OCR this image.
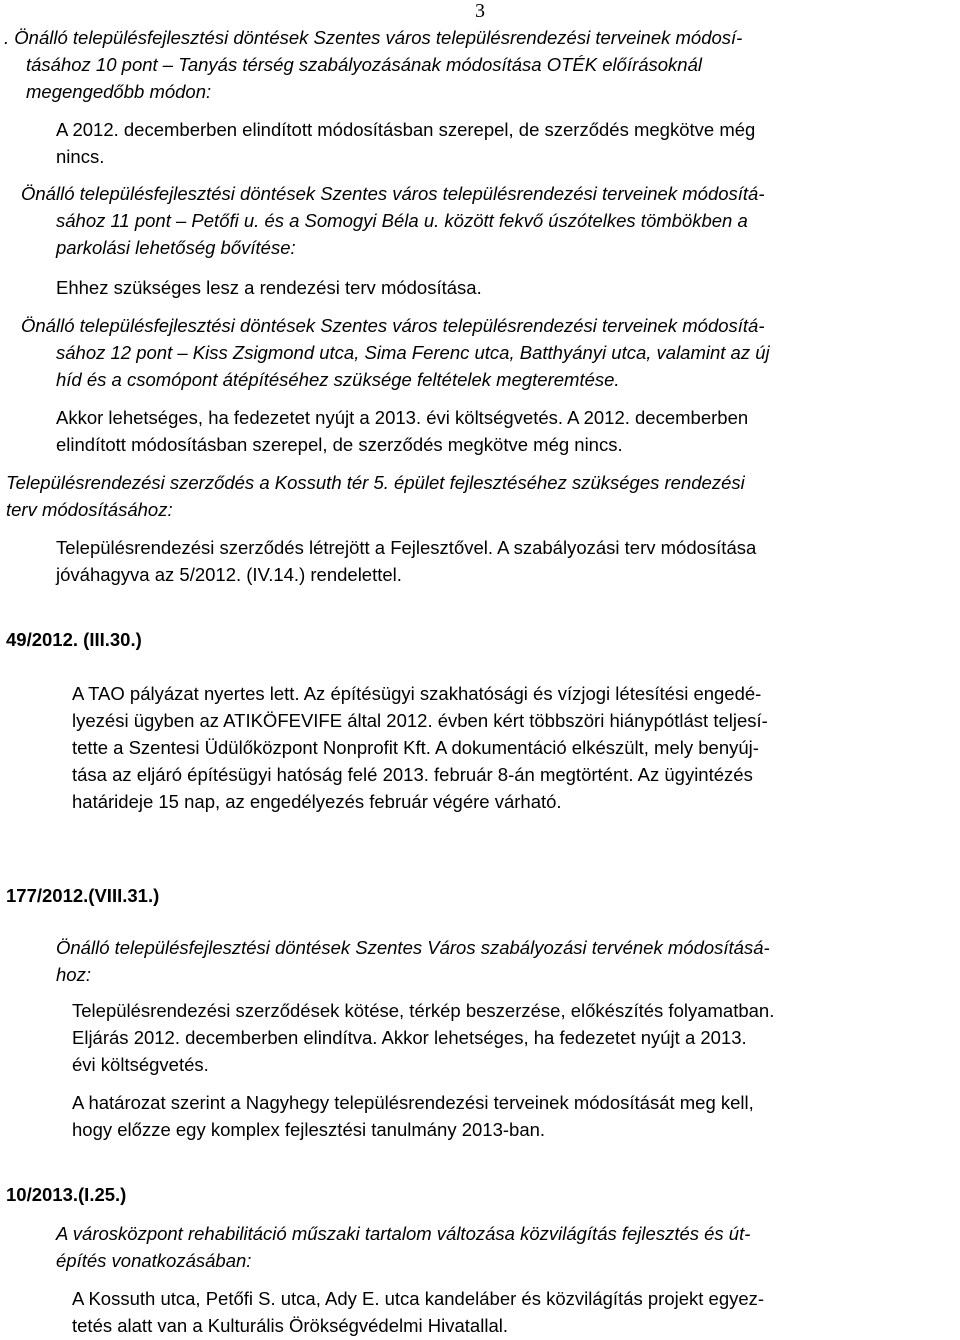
3

. Önálló településfejlesztési döntések Szentes város településrendezési terveinek módosí-

tásához 10 pont – Tanyás térség szabályozásának módosítása OTÉK előírásoknál

megengedőbb módon:

A 2012. decemberben elindított módosításban szerepel, de szerződés megkötve még

nincs.

Önálló településfejlesztési döntések Szentes város településrendezési terveinek módosítá-

sához 11 pont – Petőfi u. és a Somogyi Béla u. között fekvő úszótelkes tömbökben a

parkolási lehetőség bővítése:

Ehhez szükséges lesz a rendezési terv módosítása.

Önálló településfejlesztési döntések Szentes város településrendezési terveinek módosítá-

sához 12 pont – Kiss Zsigmond utca, Sima Ferenc utca, Batthyányi utca, valamint az új

híd és a csomópont átépítéséhez szüksége feltételek megteremtése.

Akkor lehetséges, ha fedezetet nyújt a 2013. évi költségvetés. A 2012. decemberben

elindított módosításban szerepel, de szerződés megkötve még nincs.

Településrendezési szerződés a Kossuth tér 5. épület fejlesztéséhez szükséges rendezési

terv módosításához:

Településrendezési szerződés létrejött a Fejlesztővel. A szabályozási terv módosítása

jóváhagyva az 5/2012. (IV.14.) rendelettel.

49/2012. (III.30.)

A TAO pályázat nyertes lett. Az építésügyi szakhatósági és vízjogi létesítési engedé-

lyezési ügyben az ATIKÖFEVIFE által 2012. évben kért többszöri hiánypótlást teljesí-

tette a Szentesi Üdülőközpont Nonprofit Kft. A dokumentáció elkészült, mely benyúj-

tása az eljáró építésügyi hatóság felé 2013. február 8-án megtörtént. Az ügyintézés

határideje 15 nap, az engedélyezés február végére várható.

177/2012.(VIII.31.)

Önálló településfejlesztési döntések Szentes Város szabályozási tervének módosításá-

hoz:

Településrendezési szerződések kötése, térkép beszerzése, előkészítés folyamatban.

Eljárás 2012. decemberben elindítva. Akkor lehetséges, ha fedezetet nyújt a 2013.

évi költségvetés.

A határozat szerint a Nagyhegy településrendezési terveinek módosítását meg kell,

hogy előzze egy komplex fejlesztési tanulmány 2013-ban.

10/2013.(I.25.)

A városközpont rehabilitáció műszaki tartalom változása közvilágítás fejlesztés és út-

építés vonatkozásában:

A Kossuth utca, Petőfi S. utca, Ady E. utca kandeláber és közvilágítás projekt egyez-

tetés alatt van a Kulturális Örökségvédelmi Hivatallal.
